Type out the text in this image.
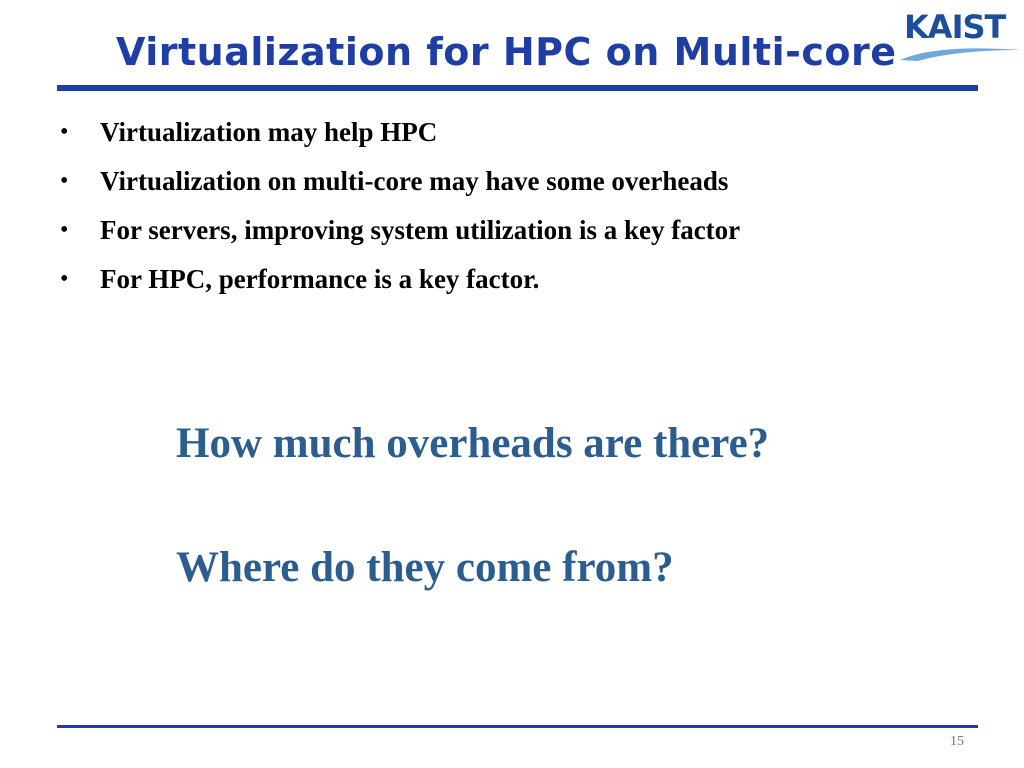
Virtualization for HPC on Multi-core
KAIST
•	Virtualization may help HPC
•	Virtualization on multi-core may have some overheads
•	For servers, improving system utilization is a key factor
•	For HPC, performance is a key factor.

How much overheads are there?

Where do they come from?

15
